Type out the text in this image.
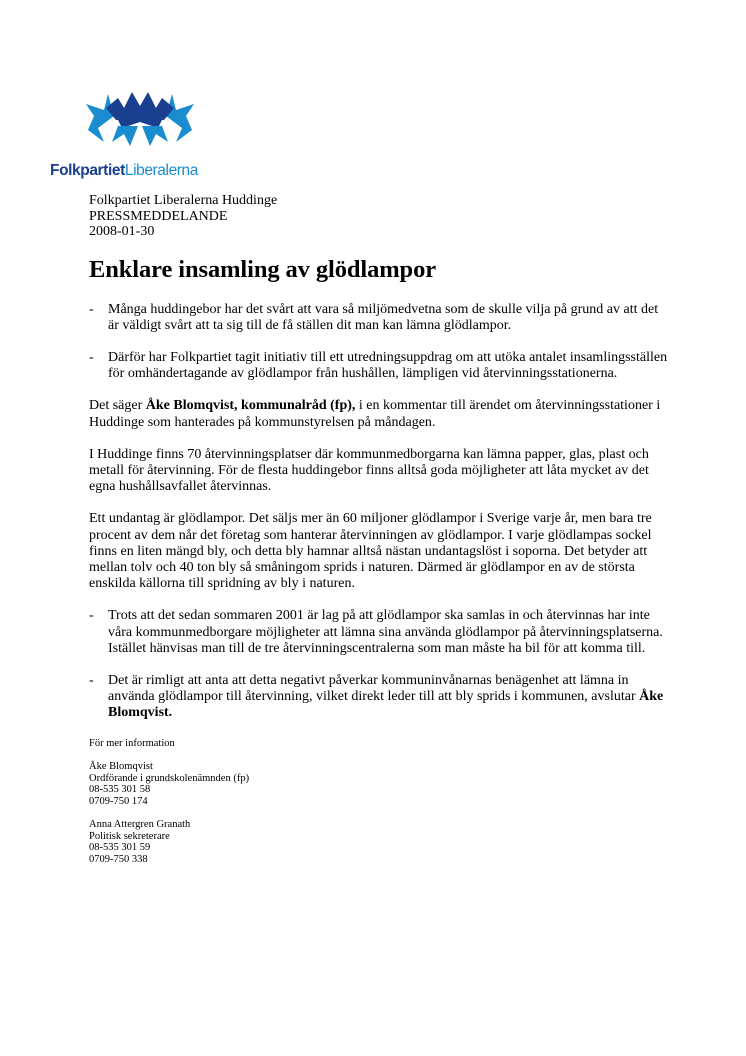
FolkpartietLiberalerna
Folkpartiet Liberalerna Huddinge
PRESSMEDDELANDE
2008-01-30
Enklare insamling av glödlampor
- Många huddingebor har det svårt att vara så miljömedvetna som de skulle vilja på grund av att det är väldigt svårt att ta sig till de få ställen dit man kan lämna glödlampor.
- Därför har Folkpartiet tagit initiativ till ett utredningsuppdrag om att utöka antalet insamlingsställen för omhändertagande av glödlampor från hushållen, lämpligen vid återvinningsstationerna.
Det säger Åke Blomqvist, kommunalråd (fp), i en kommentar till ärendet om återvinningsstationer i Huddinge som hanterades på kommunstyrelsen på måndagen.
I Huddinge finns 70 återvinningsplatser där kommunmedborgarna kan lämna papper, glas, plast och metall för återvinning. För de flesta huddingebor finns alltså goda möjligheter att låta mycket av det egna hushållsavfallet återvinnas.
Ett undantag är glödlampor. Det säljs mer än 60 miljoner glödlampor i Sverige varje år, men bara tre procent av dem når det företag som hanterar återvinningen av glödlampor. I varje glödlampas sockel finns en liten mängd bly, och detta bly hamnar alltså nästan undantagslöst i soporna. Det betyder att mellan tolv och 40 ton bly så småningom sprids i naturen. Därmed är glödlampor en av de största enskilda källorna till spridning av bly i naturen.
- Trots att det sedan sommaren 2001 är lag på att glödlampor ska samlas in och återvinnas har inte våra kommunmedborgare möjligheter att lämna sina använda glödlampor på återvinningsplatserna. Istället hänvisas man till de tre återvinningscentralerna som man måste ha bil för att komma till.
- Det är rimligt att anta att detta negativt påverkar kommuninvånarnas benägenhet att lämna in använda glödlampor till återvinning, vilket direkt leder till att bly sprids i kommunen, avslutar Åke Blomqvist.
För mer information
Åke Blomqvist
Ordförande i grundskolenämnden (fp)
08-535 301 58
0709-750 174
Anna Attergren Granath
Politisk sekreterare
08-535 301 59
0709-750 338
